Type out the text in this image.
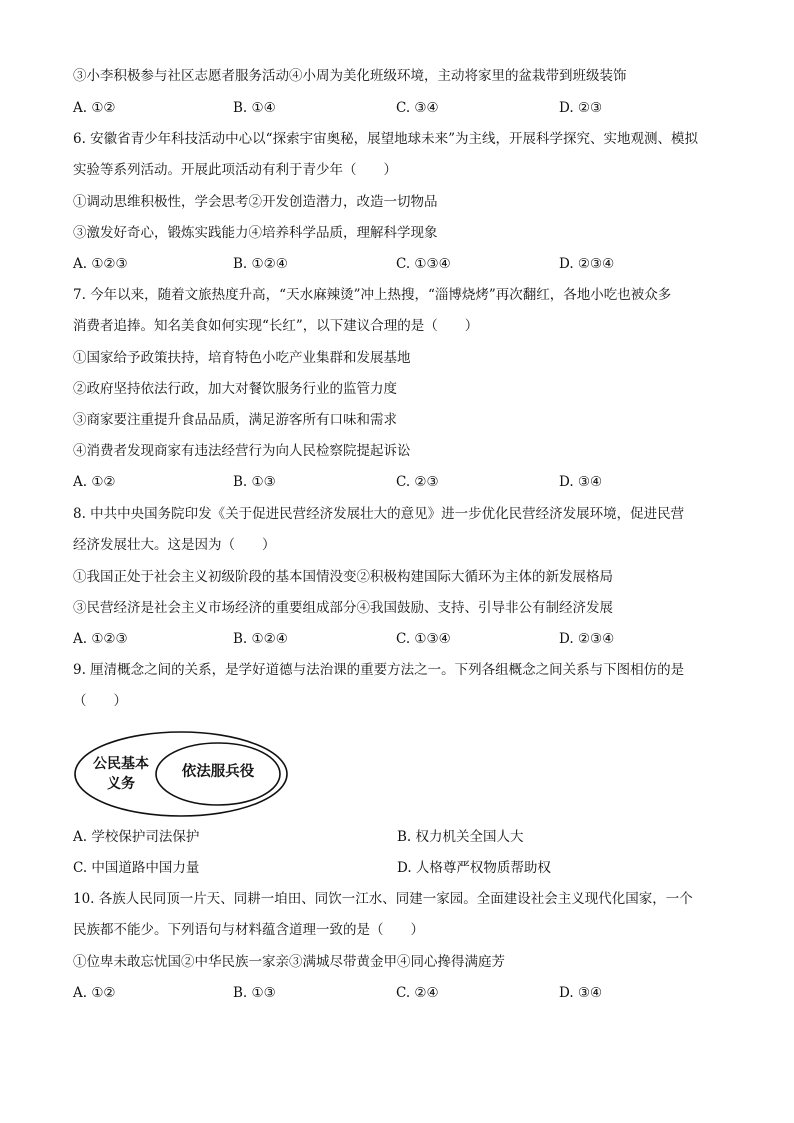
③小李积极参与社区志愿者服务活动④小周为美化班级环境，主动将家里的盆栽带到班级装饰
A. ①②	B. ①④	C. ③④	D. ②③
6. 安徽省青少年科技活动中心以“探索宇宙奥秘，展望地球未来”为主线，开展科学探究、实地观测、模拟
实验等系列活动。开展此项活动有利于青少年（　　）
①调动思维积极性，学会思考②开发创造潜力，改造一切物品
③激发好奇心，锻炼实践能力④培养科学品质，理解科学现象
A. ①②③	B. ①②④	C. ①③④	D. ②③④
7. 今年以来，随着文旅热度升高，“天水麻辣烫”冲上热搜，“淄博烧烤”再次翻红，各地小吃也被众多
消费者追捧。知名美食如何实现“长红”，以下建议合理的是（　　）
①国家给予政策扶持，培育特色小吃产业集群和发展基地
②政府坚持依法行政，加大对餐饮服务行业的监管力度
③商家要注重提升食品品质，满足游客所有口味和需求
④消费者发现商家有违法经营行为向人民检察院提起诉讼
A. ①②	B. ①③	C. ②③	D. ③④
8. 中共中央国务院印发《关于促进民营经济发展壮大的意见》进一步优化民营经济发展环境，促进民营
经济发展壮大。这是因为（　　）
①我国正处于社会主义初级阶段的基本国情没变②积极构建国际大循环为主体的新发展格局
③民营经济是社会主义市场经济的重要组成部分④我国鼓励、支持、引导非公有制经济发展
A. ①②③	B. ①②④	C. ①③④	D. ②③④
9. 厘清概念之间的关系，是学好道德与法治课的重要方法之一。下列各组概念之间关系与下图相仿的是
（　　）
公民基本
义务
依法服兵役
A. 学校保护司法保护	B. 权力机关全国人大
C. 中国道路中国力量	D. 人格尊严权物质帮助权
10. 各族人民同顶一片天、同耕一垍田、同饮一江水、同建一家园。全面建设社会主义现代化国家，一个
民族都不能少。下列语句与材料蕴含道理一致的是（　　）
①位卑未敢忘忧国②中华民族一家亲③满城尽带黄金甲④同心搀得满庭芳
A. ①②	B. ①③	C. ②④	D. ③④
